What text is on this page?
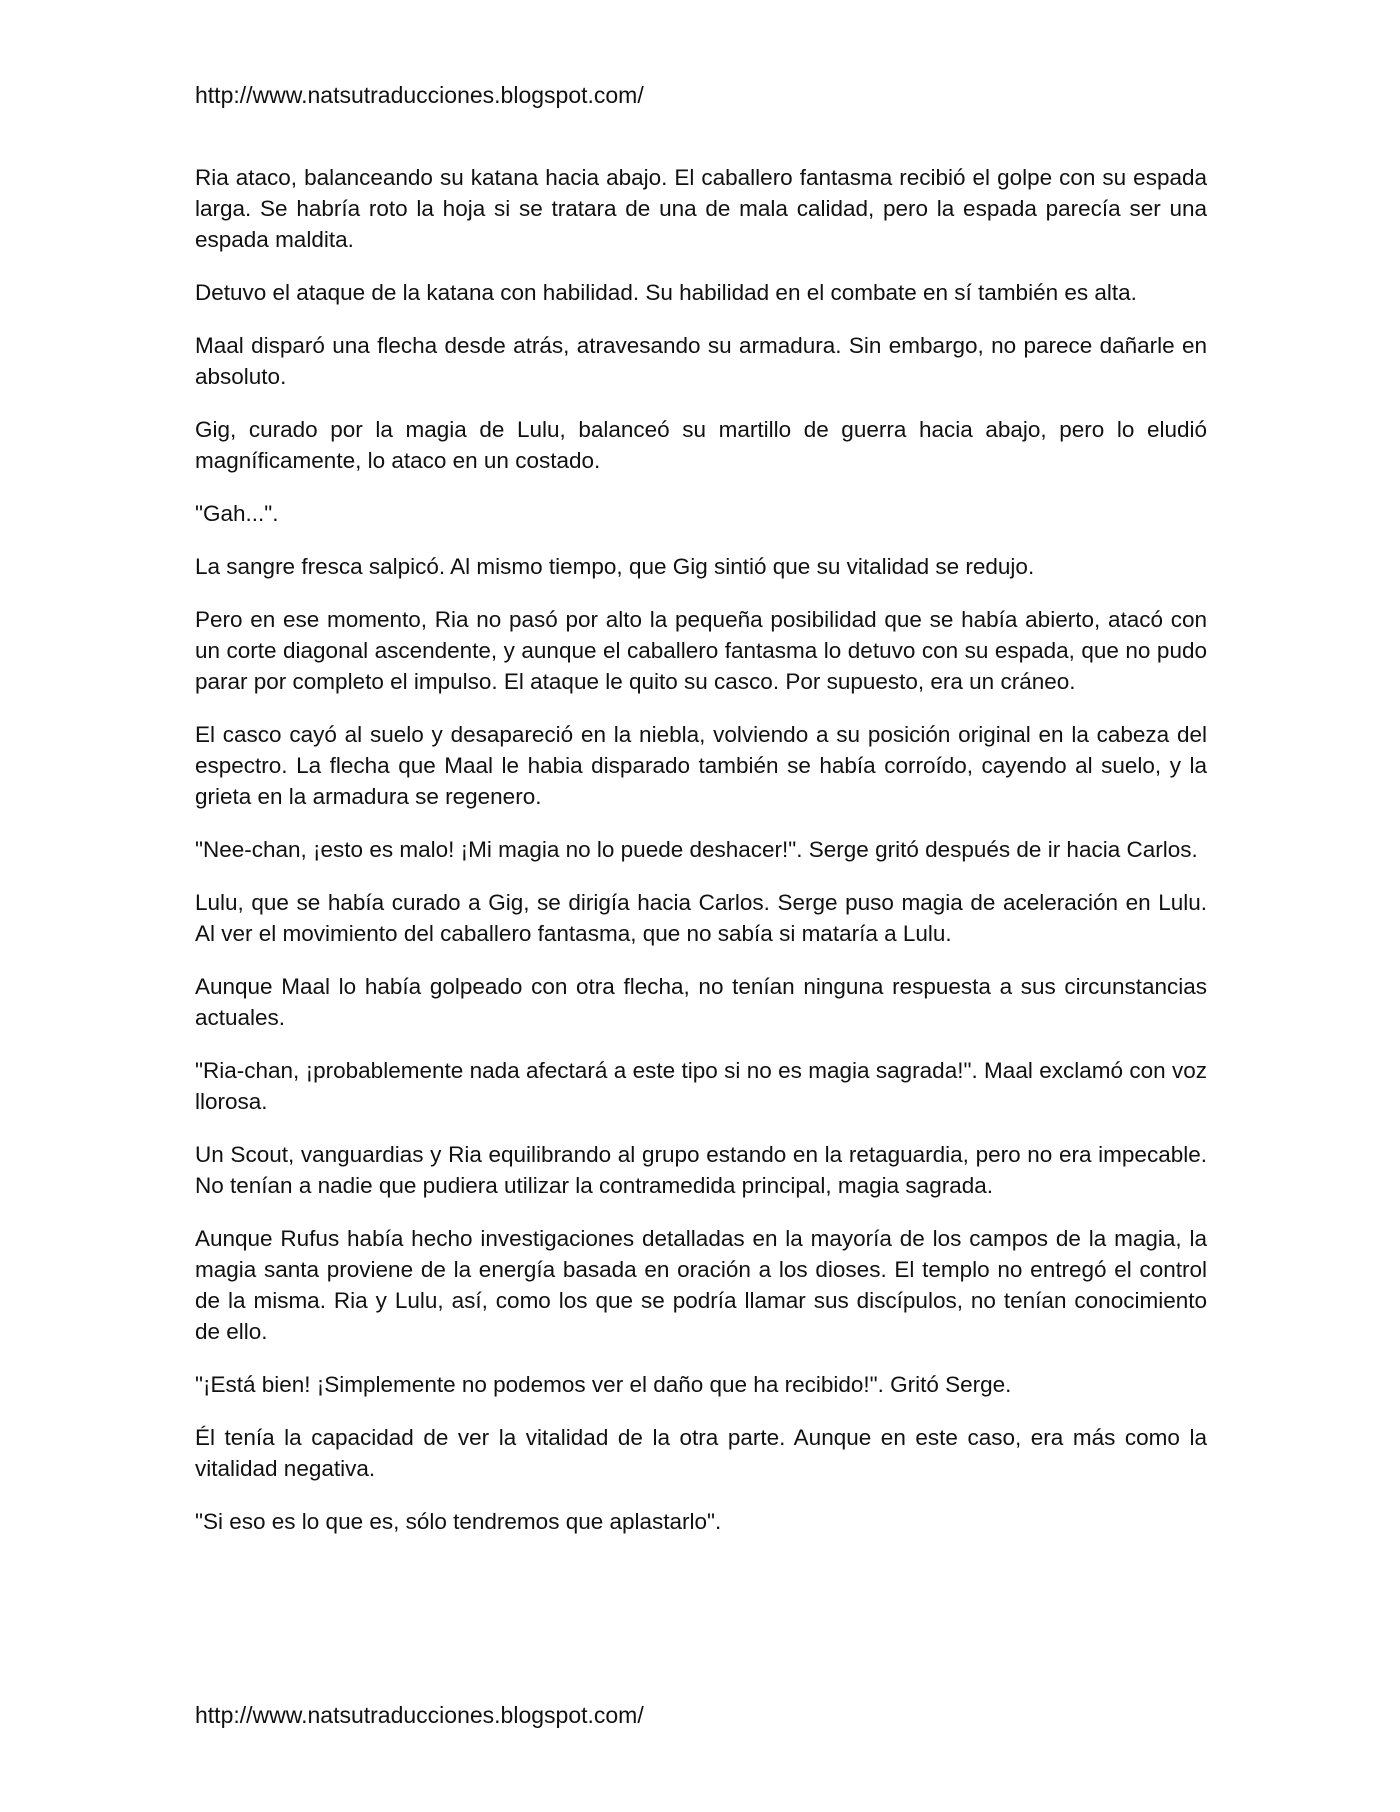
http://www.natsutraducciones.blogspot.com/

Ria ataco, balanceando su katana hacia abajo. El caballero fantasma recibió el golpe con su espada larga. Se habría roto la hoja si se tratara de una de mala calidad, pero la espada parecía ser una espada maldita.

Detuvo el ataque de la katana con habilidad. Su habilidad en el combate en sí también es alta.

Maal disparó una flecha desde atrás, atravesando su armadura. Sin embargo, no parece dañarle en absoluto.

Gig, curado por la magia de Lulu, balanceó su martillo de guerra hacia abajo, pero lo eludió magníficamente, lo ataco en un costado.

"Gah...".

La sangre fresca salpicó. Al mismo tiempo, que Gig sintió que su vitalidad se redujo.

Pero en ese momento, Ria no pasó por alto la pequeña posibilidad que se había abierto, atacó con un corte diagonal ascendente, y aunque el caballero fantasma lo detuvo con su espada, que no pudo parar por completo el impulso. El ataque le quito su casco. Por supuesto, era un cráneo.

El casco cayó al suelo y desapareció en la niebla, volviendo a su posición original en la cabeza del espectro. La flecha que Maal le habia disparado también se había corroído, cayendo al suelo, y la grieta en la armadura se regenero.

"Nee-chan, ¡esto es malo! ¡Mi magia no lo puede deshacer!". Serge gritó después de ir hacia Carlos.

Lulu, que se había curado a Gig, se dirigía hacia Carlos. Serge puso magia de aceleración en Lulu. Al ver el movimiento del caballero fantasma, que no sabía si mataría a Lulu.

Aunque Maal lo había golpeado con otra flecha, no tenían ninguna respuesta a sus circunstancias actuales.

"Ria-chan, ¡probablemente nada afectará a este tipo si no es magia sagrada!". Maal exclamó con voz llorosa.

Un Scout, vanguardias y Ria equilibrando al grupo estando en la retaguardia, pero no era impecable. No tenían a nadie que pudiera utilizar la contramedida principal, magia sagrada.

Aunque Rufus había hecho investigaciones detalladas en la mayoría de los campos de la magia, la magia santa proviene de la energía basada en oración a los dioses. El templo no entregó el control de la misma. Ria y Lulu, así, como los que se podría llamar sus discípulos, no tenían conocimiento de ello.

"¡Está bien! ¡Simplemente no podemos ver el daño que ha recibido!". Gritó Serge.

Él tenía la capacidad de ver la vitalidad de la otra parte. Aunque en este caso, era más como la vitalidad negativa.

"Si eso es lo que es, sólo tendremos que aplastarlo".

http://www.natsutraducciones.blogspot.com/
